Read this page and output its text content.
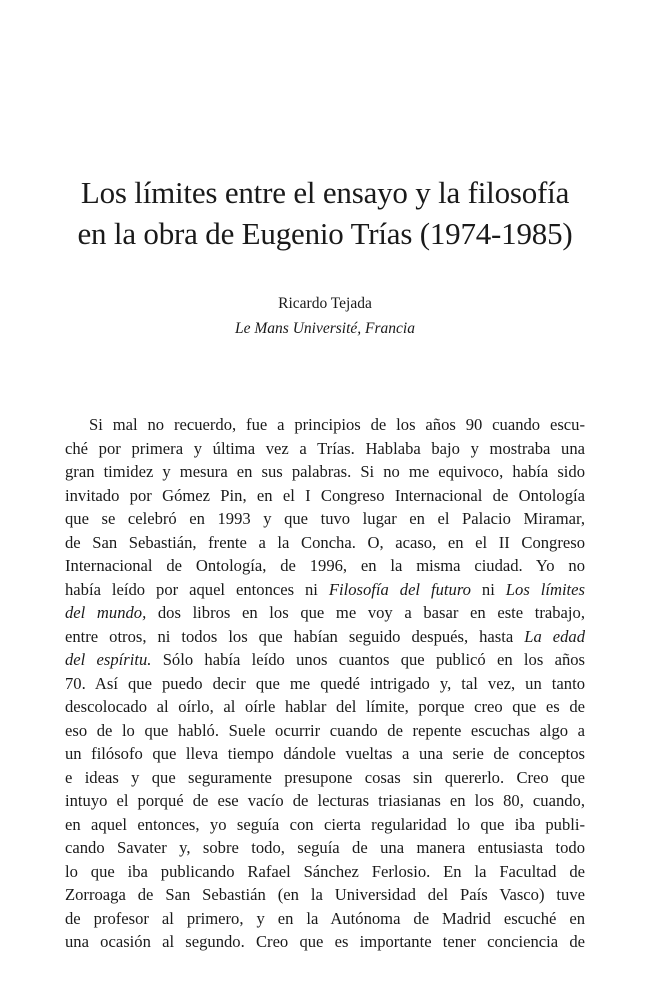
Los límites entre el ensayo y la filosofía
en la obra de Eugenio Trías (1974-1985)
Ricardo Tejada
Le Mans Université, Francia
Si mal no recuerdo, fue a principios de los años 90 cuando escu-
ché por primera y última vez a Trías. Hablaba bajo y mostraba una
gran timidez y mesura en sus palabras. Si no me equivoco, había sido
invitado por Gómez Pin, en el I Congreso Internacional de Ontología
que se celebró en 1993 y que tuvo lugar en el Palacio Miramar,
de San Sebastián, frente a la Concha. O, acaso, en el II Congreso
Internacional de Ontología, de 1996, en la misma ciudad. Yo no
había leído por aquel entonces ni Filosofía del futuro ni Los límites
del mundo, dos libros en los que me voy a basar en este trabajo,
entre otros, ni todos los que habían seguido después, hasta La edad
del espíritu. Sólo había leído unos cuantos que publicó en los años
70. Así que puedo decir que me quedé intrigado y, tal vez, un tanto
descolocado al oírlo, al oírle hablar del límite, porque creo que es de
eso de lo que habló. Suele ocurrir cuando de repente escuchas algo a
un filósofo que lleva tiempo dándole vueltas a una serie de conceptos
e ideas y que seguramente presupone cosas sin quererlo. Creo que
intuyo el porqué de ese vacío de lecturas triasianas en los 80, cuando,
en aquel entonces, yo seguía con cierta regularidad lo que iba publi-
cando Savater y, sobre todo, seguía de una manera entusiasta todo
lo que iba publicando Rafael Sánchez Ferlosio. En la Facultad de
Zorroaga de San Sebastián (en la Universidad del País Vasco) tuve
de profesor al primero, y en la Autónoma de Madrid escuché en
una ocasión al segundo. Creo que es importante tener conciencia de
